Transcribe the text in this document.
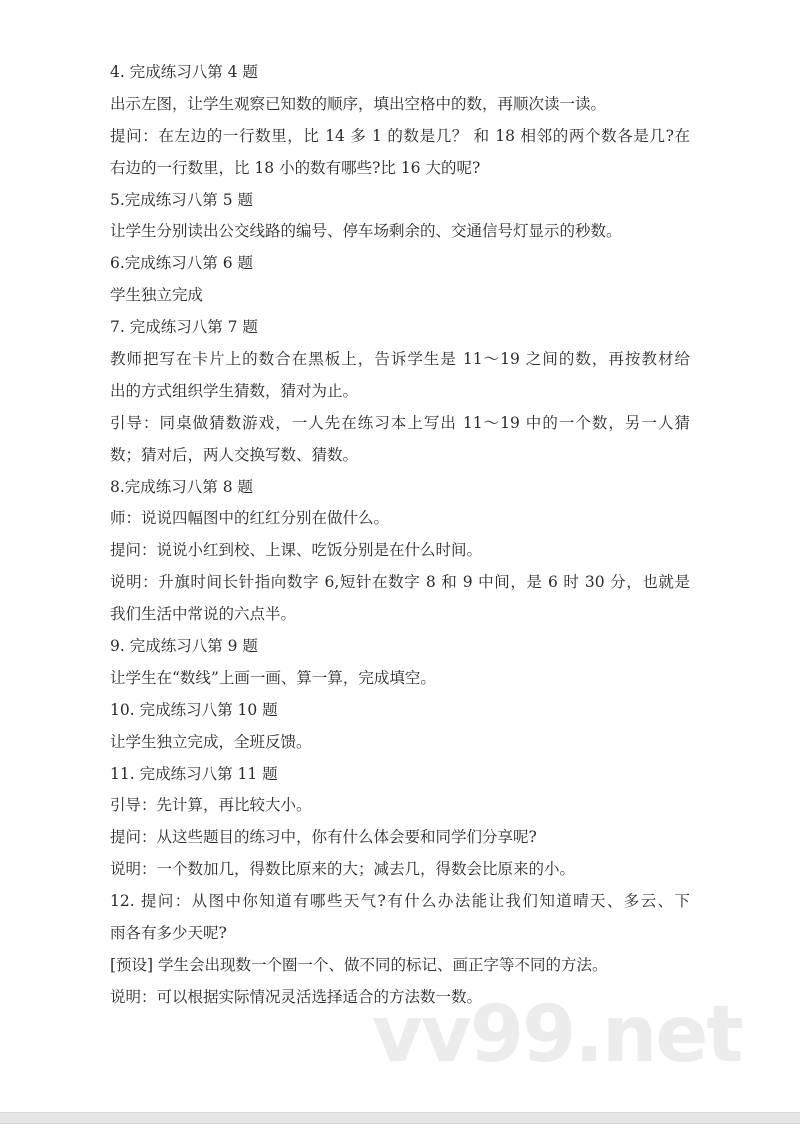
4. 完成练习八第 4 题
出示左图，让学生观察已知数的顺序，填出空格中的数，再顺次读一读。
提问：在左边的一行数里，比 14 多 1 的数是几？ 和 18 相邻的两个数各是几?在
右边的一行数里，比 18 小的数有哪些?比 16 大的呢?
5.完成练习八第 5 题
让学生分别读出公交线路的编号、停车场剩余的、交通信号灯显示的秒数。
6.完成练习八第 6 题
学生独立完成
7. 完成练习八第 7 题
教师把写在卡片上的数合在黑板上，告诉学生是 11～19 之间的数，再按教材给
出的方式组织学生猜数，猜对为止。
引导：同桌做猜数游戏，一人先在练习本上写出 11～19 中的一个数，另一人猜
数；猜对后，两人交换写数、猜数。
8.完成练习八第 8 题
师：说说四幅图中的红红分别在做什么。
提问：说说小红到校、上课、吃饭分别是在什么时间。
说明：升旗时间长针指向数字 6,短针在数字 8 和 9 中间，是 6 时 30 分，也就是
我们生活中常说的六点半。
9. 完成练习八第 9 题
让学生在“数线”上画一画、算一算，完成填空。
10. 完成练习八第 10 题
让学生独立完成，全班反馈。
11. 完成练习八第 11 题
引导：先计算，再比较大小。
提问：从这些题目的练习中，你有什么体会要和同学们分享呢?
说明：一个数加几，得数比原来的大；减去几，得数会比原来的小。
12. 提问：从图中你知道有哪些天气?有什么办法能让我们知道晴天、多云、下
雨各有多少天呢?
[预设] 学生会出现数一个圈一个、做不同的标记、画正字等不同的方法。
说明：可以根据实际情况灵活选择适合的方法数一数。
vv99.net
